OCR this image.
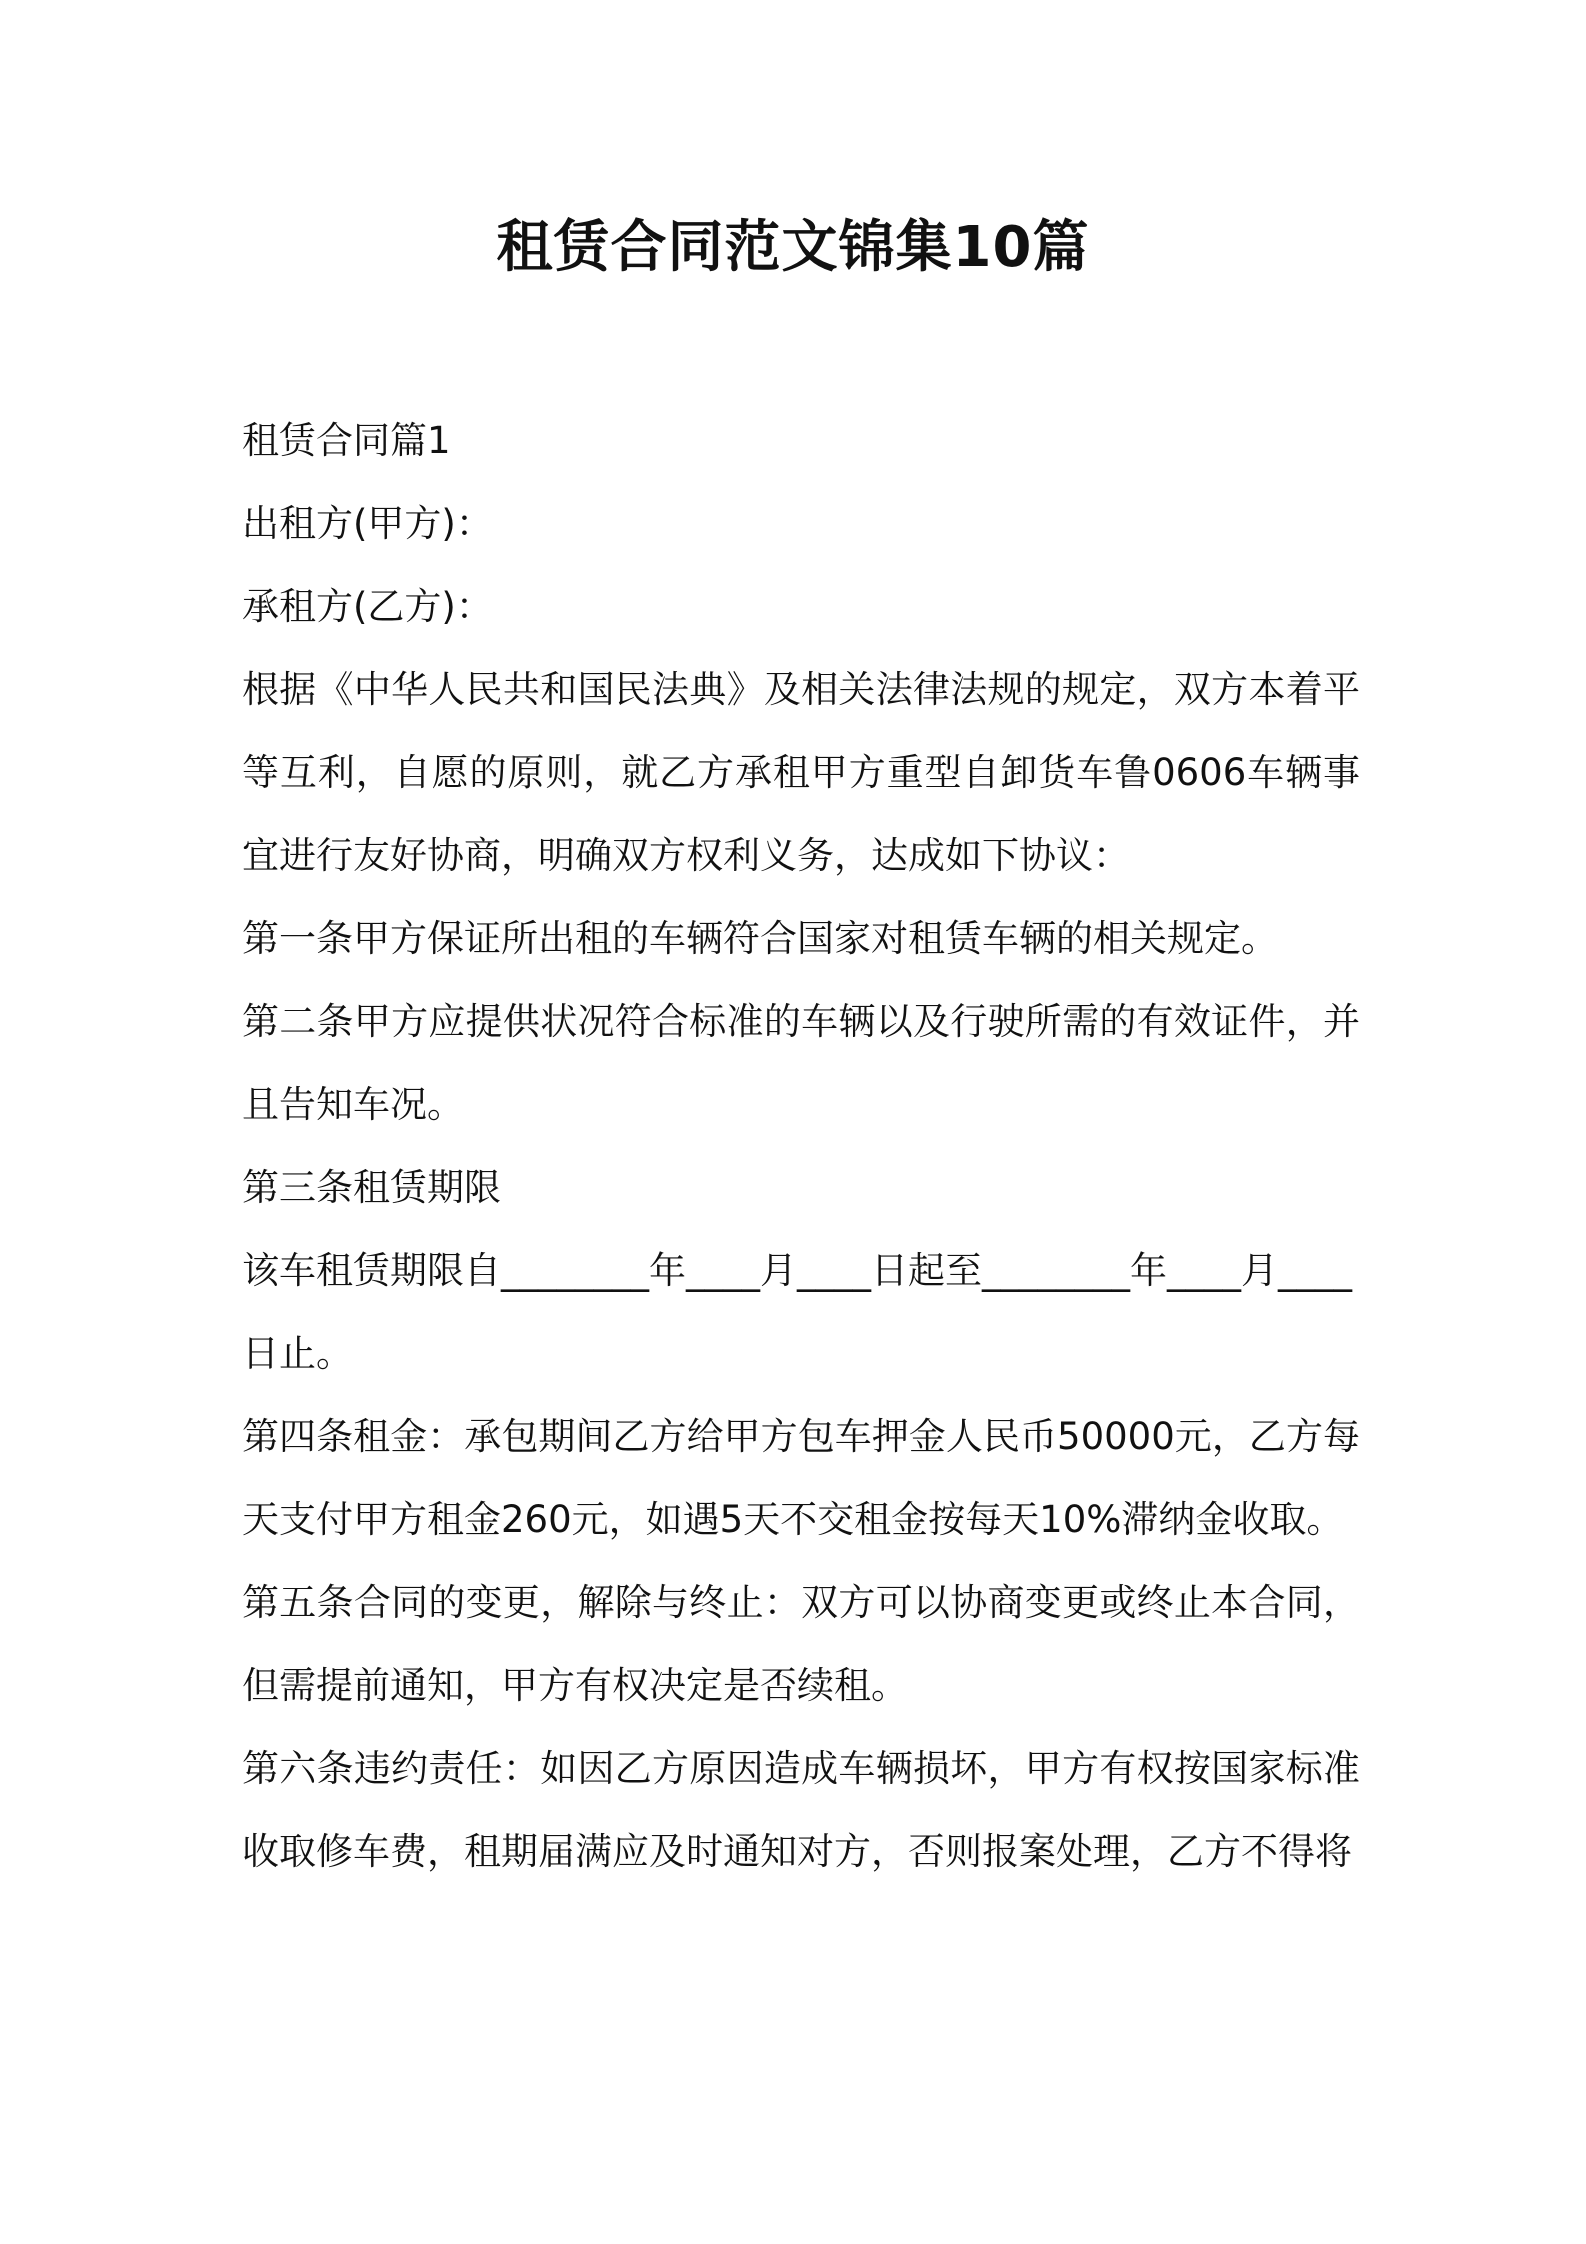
租赁合同范文锦集10篇

租赁合同篇1

出租方(甲方)：

承租方(乙方)：

根据《中华人民共和国民法典》及相关法律法规的规定，双方本着平等互利，自愿的原则，就乙方承租甲方重型自卸货车鲁0606车辆事宜进行友好协商，明确双方权利义务，达成如下协议：

第一条甲方保证所出租的车辆符合国家对租赁车辆的相关规定。

第二条甲方应提供状况符合标准的车辆以及行驶所需的有效证件，并且告知车况。

第三条租赁期限

该车租赁期限自________年____月____日起至________年____月____日止。

第四条租金：承包期间乙方给甲方包车押金人民币50000元，乙方每天支付甲方租金260元，如遇5天不交租金按每天10%滞纳金收取。

第五条合同的变更，解除与终止：双方可以协商变更或终止本合同，但需提前通知，甲方有权决定是否续租。

第六条违约责任：如因乙方原因造成车辆损坏，甲方有权按国家标准收取修车费，租期届满应及时通知对方，否则报案处理，乙方不得将
